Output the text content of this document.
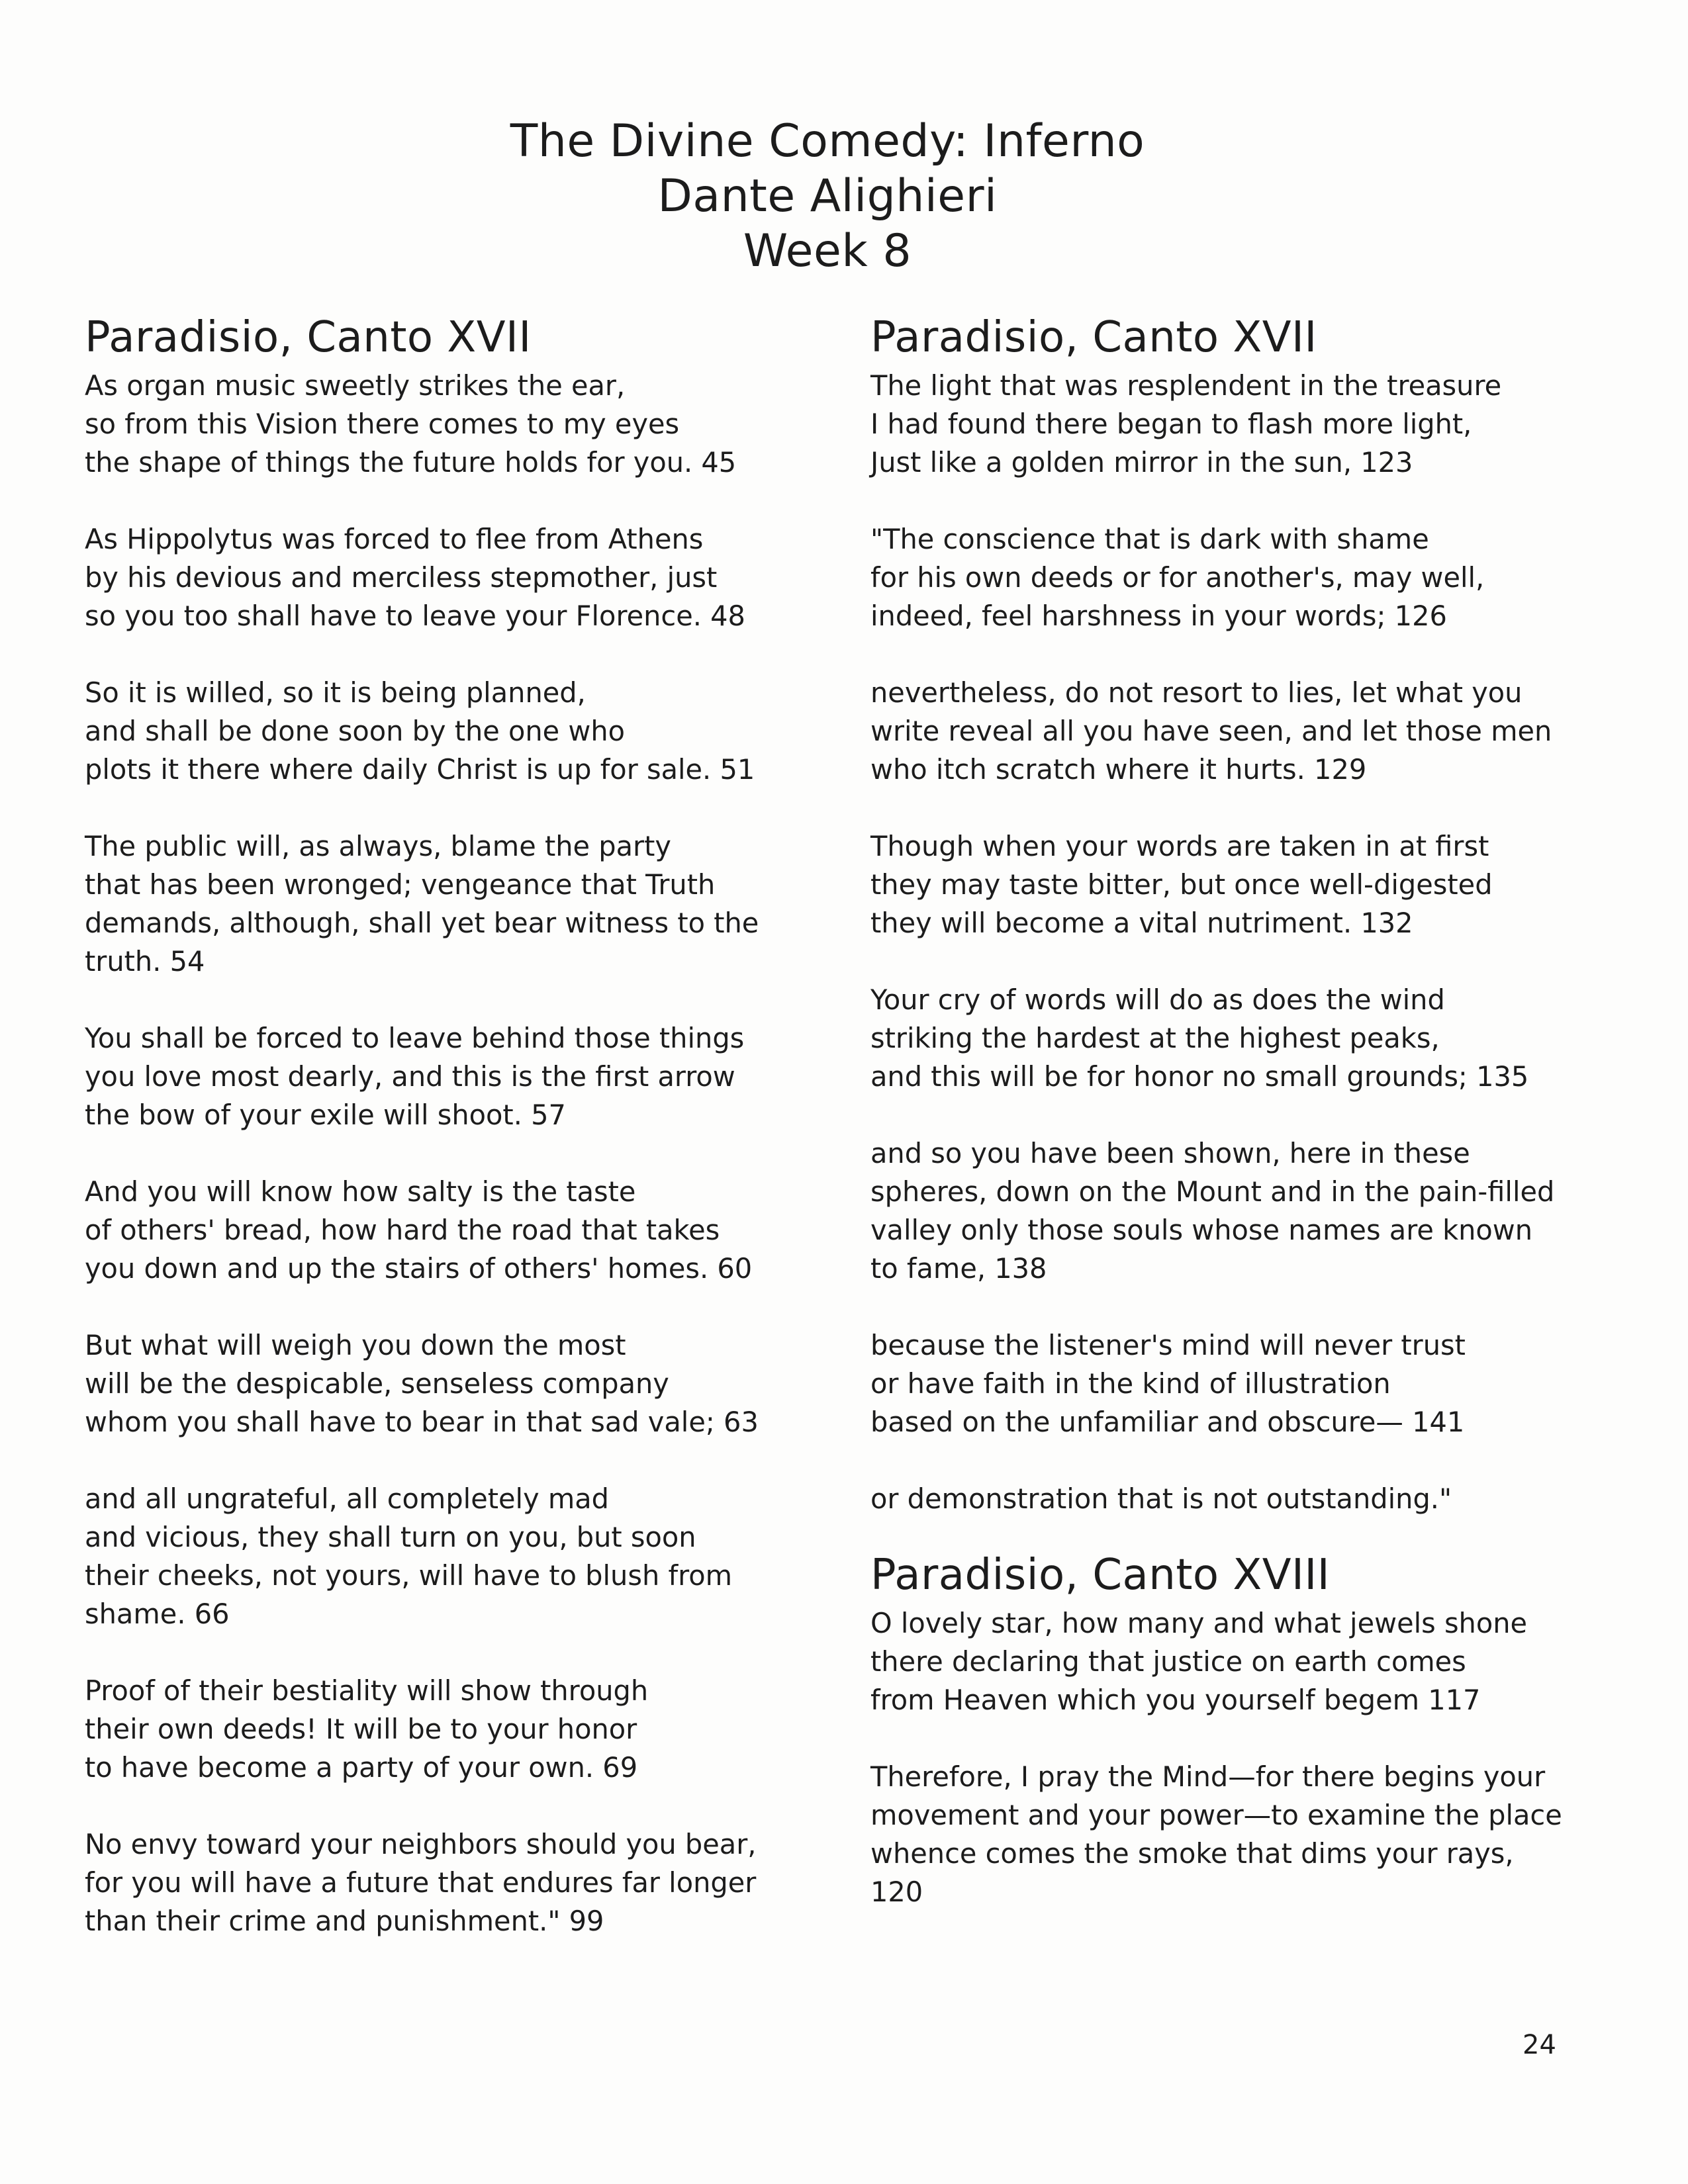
The Divine Comedy: Inferno
Dante Alighieri
Week 8
Paradisio, Canto XVII

As organ music sweetly strikes the ear,
so from this Vision there comes to my eyes
the shape of things the future holds for you. 45

As Hippolytus was forced to flee from Athens
by his devious and merciless stepmother, just
so you too shall have to leave your Florence. 48

So it is willed, so it is being planned,
and shall be done soon by the one who
plots it there where daily Christ is up for sale. 51

The public will, as always, blame the party
that has been wronged; vengeance that Truth
demands, although, shall yet bear witness to the
truth. 54

You shall be forced to leave behind those things
you love most dearly, and this is the first arrow
the bow of your exile will shoot. 57

And you will know how salty is the taste
of others' bread, how hard the road that takes
you down and up the stairs of others' homes. 60

But what will weigh you down the most
will be the despicable, senseless company
whom you shall have to bear in that sad vale; 63

and all ungrateful, all completely mad
and vicious, they shall turn on you, but soon
their cheeks, not yours, will have to blush from
shame. 66

Proof of their bestiality will show through
their own deeds! It will be to your honor
to have become a party of your own. 69

No envy toward your neighbors should you bear,
for you will have a future that endures far longer
than their crime and punishment." 99

Paradisio, Canto XVII

The light that was resplendent in the treasure
I had found there began to flash more light,
Just like a golden mirror in the sun, 123

"The conscience that is dark with shame
for his own deeds or for another's, may well,
indeed, feel harshness in your words; 126

nevertheless, do not resort to lies, let what you
write reveal all you have seen, and let those men
who itch scratch where it hurts. 129

Though when your words are taken in at first
they may taste bitter, but once well-digested
they will become a vital nutriment. 132

Your cry of words will do as does the wind
striking the hardest at the highest peaks,
and this will be for honor no small grounds; 135

and so you have been shown, here in these
spheres, down on the Mount and in the pain-filled
valley only those souls whose names are known
to fame, 138

because the listener's mind will never trust
or have faith in the kind of illustration
based on the unfamiliar and obscure— 141

or demonstration that is not outstanding."

Paradisio, Canto XVIII

O lovely star, how many and what jewels shone
there declaring that justice on earth comes
from Heaven which you yourself begem 117

Therefore, I pray the Mind—for there begins your
movement and your power—to examine the place
whence comes the smoke that dims your rays,
120

24
